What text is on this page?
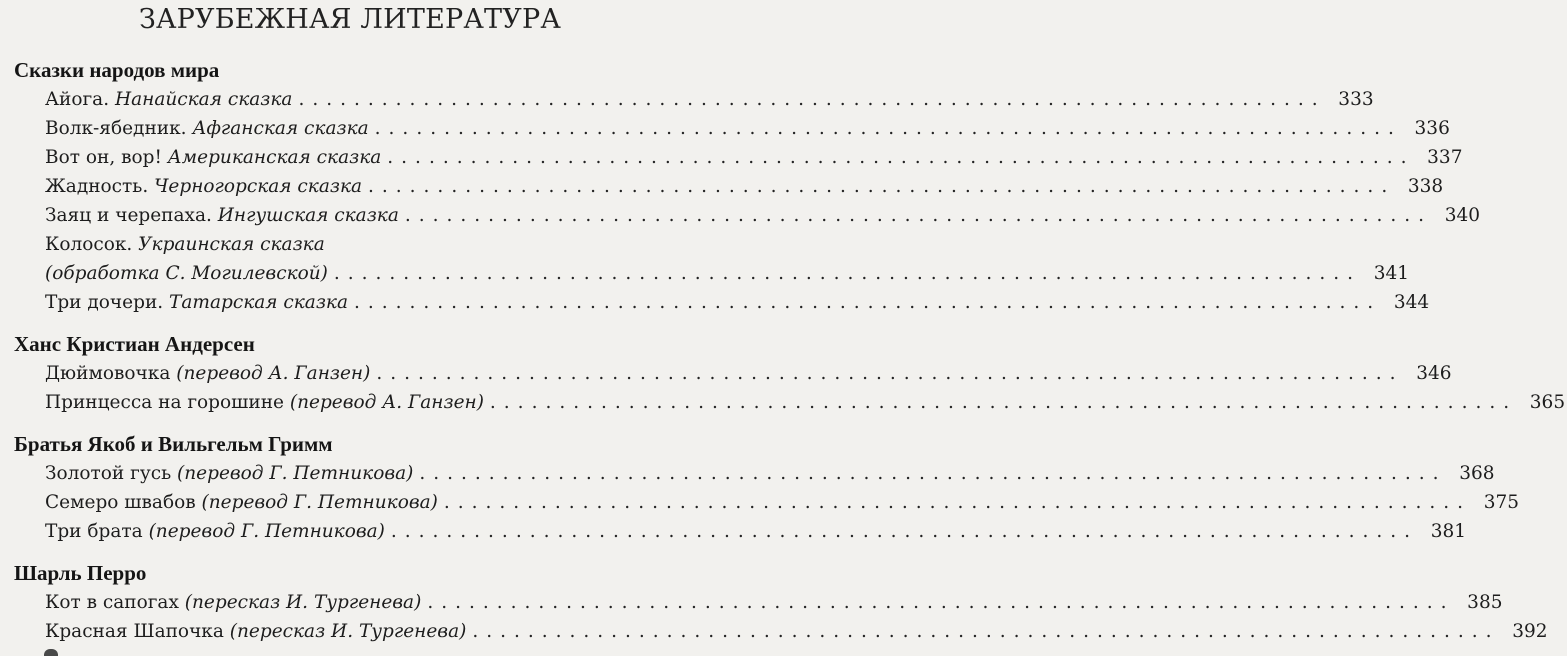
ЗАРУБЕЖНАЯ ЛИТЕРАТУРА
Сказки народов мира
Айога. Нанайская сказка .......................................................................... 333
Волк-ябедник. Афганская сказка .......................................................................... 336
Вот он, вор! Американская сказка .......................................................................... 337
Жадность. Черногорская сказка .......................................................................... 338
Заяц и черепаха. Ингушская сказка .......................................................................... 340
Колосок. Украинская сказка
(обработка С. Могилевской) .......................................................................... 341
Три дочери. Татарская сказка .......................................................................... 344
Ханс Кристиан Андерсен
Дюймовочка (перевод А. Ганзен) .......................................................................... 346
Принцесса на горошине (перевод А. Ганзен) .......................................................................... 365
Братья Якоб и Вильгельм Гримм
Золотой гусь (перевод Г. Петникова) .......................................................................... 368
Семеро швабов (перевод Г. Петникова) .......................................................................... 375
Три брата (перевод Г. Петникова) .......................................................................... 381
Шарль Перро
Кот в сапогах (пересказ И. Тургенева) .......................................................................... 385
Красная Шапочка (пересказ И. Тургенева) .......................................................................... 392
